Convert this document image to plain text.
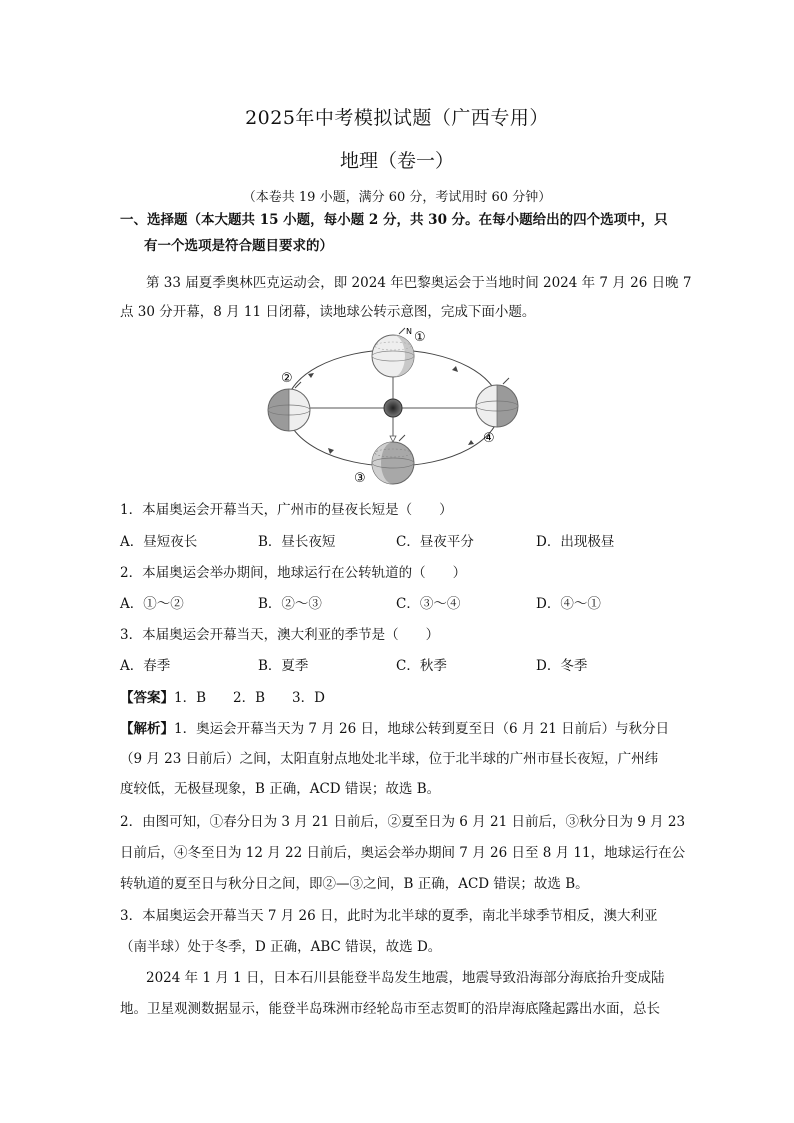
2025年中考模拟试题（广西专用）
地理（卷一）
（本卷共 19 小题，满分 60 分，考试用时 60 分钟）
一、选择题（本大题共 15 小题，每小题 2 分，共 30 分。在每小题给出的四个选项中，只
有一个选项是符合题目要求的）
第 33 届夏季奥林匹克运动会，即 2024 年巴黎奥运会于当地时间 2024 年 7 月 26 日晚 7
点 30 分开幕，8 月 11 日闭幕，读地球公转示意图，完成下面小题。
N ①
②
④
③
1．本届奥运会开幕当天，广州市的昼夜长短是（　　）
A．昼短夜长	B．昼长夜短	C．昼夜平分	D．出现极昼
2．本届奥运会举办期间，地球运行在公转轨道的（　　）
A．①～②	B．②～③	C．③～④	D．④～①
3．本届奥运会开幕当天，澳大利亚的季节是（　　）
A．春季	B．夏季	C．秋季	D．冬季
【答案】1．B　　2．B　　3．D
【解析】1．奥运会开幕当天为 7 月 26 日，地球公转到夏至日（6 月 21 日前后）与秋分日
（9 月 23 日前后）之间，太阳直射点地处北半球，位于北半球的广州市昼长夜短，广州纬
度较低，无极昼现象，B 正确，ACD 错误；故选 B。
2．由图可知，①春分日为 3 月 21 日前后，②夏至日为 6 月 21 日前后，③秋分日为 9 月 23
日前后，④冬至日为 12 月 22 日前后，奥运会举办期间 7 月 26 日至 8 月 11，地球运行在公
转轨道的夏至日与秋分日之间，即②—③之间，B 正确，ACD 错误；故选 B。
3．本届奥运会开幕当天 7 月 26 日，此时为北半球的夏季，南北半球季节相反，澳大利亚
（南半球）处于冬季，D 正确，ABC 错误，故选 D。
2024 年 1 月 1 日，日本石川县能登半岛发生地震，地震导致沿海部分海底抬升变成陆
地。卫星观测数据显示，能登半岛珠洲市经轮岛市至志贺町的沿岸海底隆起露出水面，总长
